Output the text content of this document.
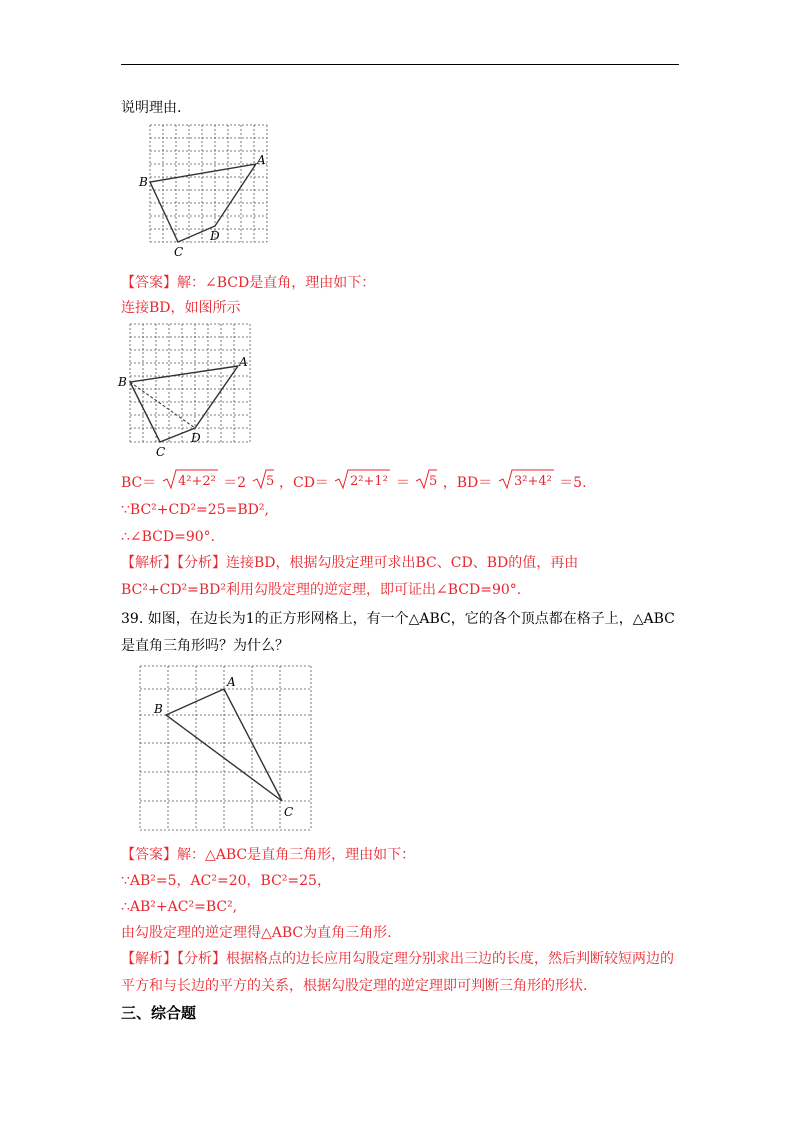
说明理由.
A
B
C
D
【答案】解：∠BCD是直角，理由如下：
连接BD，如图所示
A
B
C
D
BC＝ 4²+2² ＝2 5 ，CD＝ 2²+1² ＝ 5 ，BD＝ 3²+4² ＝5.
∵BC²+CD²=25=BD²,
∴∠BCD=90°.
【解析】【分析】连接BD，根据勾股定理可求出BC、CD、BD的值，再由BC²+CD²=BD²利用勾股定理的逆定理，即可证出∠BCD=90°.
39. 如图，在边长为1的正方形网格上，有一个△ABC，它的各个顶点都在格子上，△ABC是直角三角形吗？为什么？
A
B
C
【答案】解：△ABC是直角三角形，理由如下：
∵AB²=5，AC²=20，BC²=25，
∴AB²+AC²=BC²,
由勾股定理的逆定理得△ABC为直角三角形.
【解析】【分析】根据格点的边长应用勾股定理分别求出三边的长度，然后判断较短两边的平方和与长边的平方的关系，根据勾股定理的逆定理即可判断三角形的形状.
三、综合题
